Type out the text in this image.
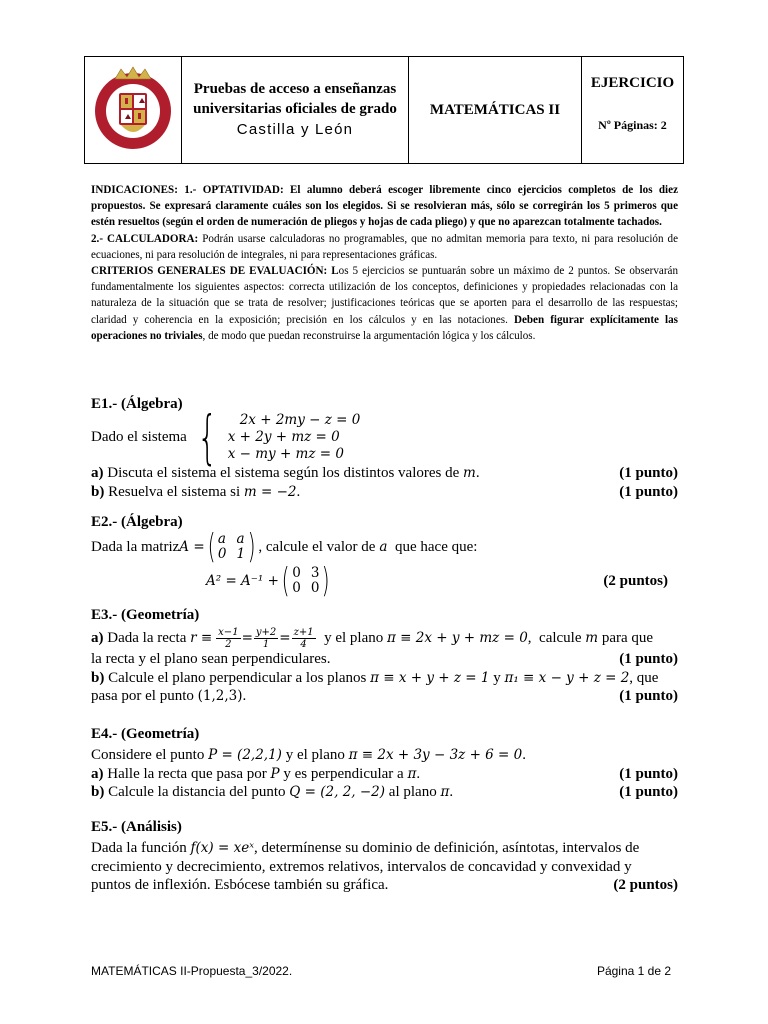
Pruebas de acceso a enseñanzas
universitarias oficiales de grado
Castilla y León

MATEMÁTICAS II

EJERCICIO
Nº Páginas: 2

INDICACIONES: 1.- OPTATIVIDAD: El alumno deberá escoger libremente cinco ejercicios completos de los diez propuestos. Se expresará claramente cuáles son los elegidos. Si se resolvieran más, sólo se corregirán los 5 primeros que estén resueltos (según el orden de numeración de pliegos y hojas de cada pliego) y que no aparezcan totalmente tachados.

2.- CALCULADORA: Podrán usarse calculadoras no programables, que no admitan memoria para texto, ni para resolución de ecuaciones, ni para resolución de integrales, ni para representaciones gráficas.

CRITERIOS GENERALES DE EVALUACIÓN: Los 5 ejercicios se puntuarán sobre un máximo de 2 puntos. Se observarán fundamentalmente los siguientes aspectos: correcta utilización de los conceptos, definiciones y propiedades relacionadas con la naturaleza de la situación que se trata de resolver; justificaciones teóricas que se aporten para el desarrollo de las respuestas; claridad y coherencia en la exposición; precisión en los cálculos y en las notaciones. Deben figurar explícitamente las operaciones no triviales, de modo que puedan reconstruirse la argumentación lógica y los cálculos.

E1.- (Álgebra)
Dado el sistema {	2x + 2my − z = 0
x + 2y + mz = 0
x − my + mz = 0
a) Discuta el sistema el sistema según los distintos valores de m.	(1 punto)
b) Resuelva el sistema si m = −2.	(1 punto)
E2.- (Álgebra)
Dada la matriz A = ( a a
0 1 ) , calcule el valor de a que hace que:
A² = A⁻¹ + ( 0 3
0 0 )	(2 puntos)
E3.- (Geometría)
a) Dada la recta $r \equiv \frac{x-1}{2} = \frac{y+2}{1} = \frac{z+1}{4}$ y el plano π ≡ 2x + y + mz = 0 ,  calcule m para que
la recta y el plano sean perpendiculares.	(1 punto)
b) Calcule el plano perpendicular a los planos π ≡ x + y + z = 1 y π₁ ≡ x − y + z = 2, que
pasa por el punto (1,2,3).	(1 punto)
E4.- (Geometría)
Considere el punto P = (2,2,1) y el plano π ≡ 2x + 3y − 3z + 6 = 0.
a) Halle la recta que pasa por P y es perpendicular a π.	(1 punto)
b) Calcule la distancia del punto Q = (2, 2, −2) al plano π.	(1 punto)
E5.- (Análisis)
Dada la función f(x) = xeˣ, determínense su dominio de definición, asíntotas, intervalos de
crecimiento y decrecimiento, extremos relativos, intervalos de concavidad y convexidad y
puntos de inflexión. Esbócese también su gráfica.	(2 puntos)
MATEMÁTICAS II-Propuesta_3/2022.	Página 1 de 2
